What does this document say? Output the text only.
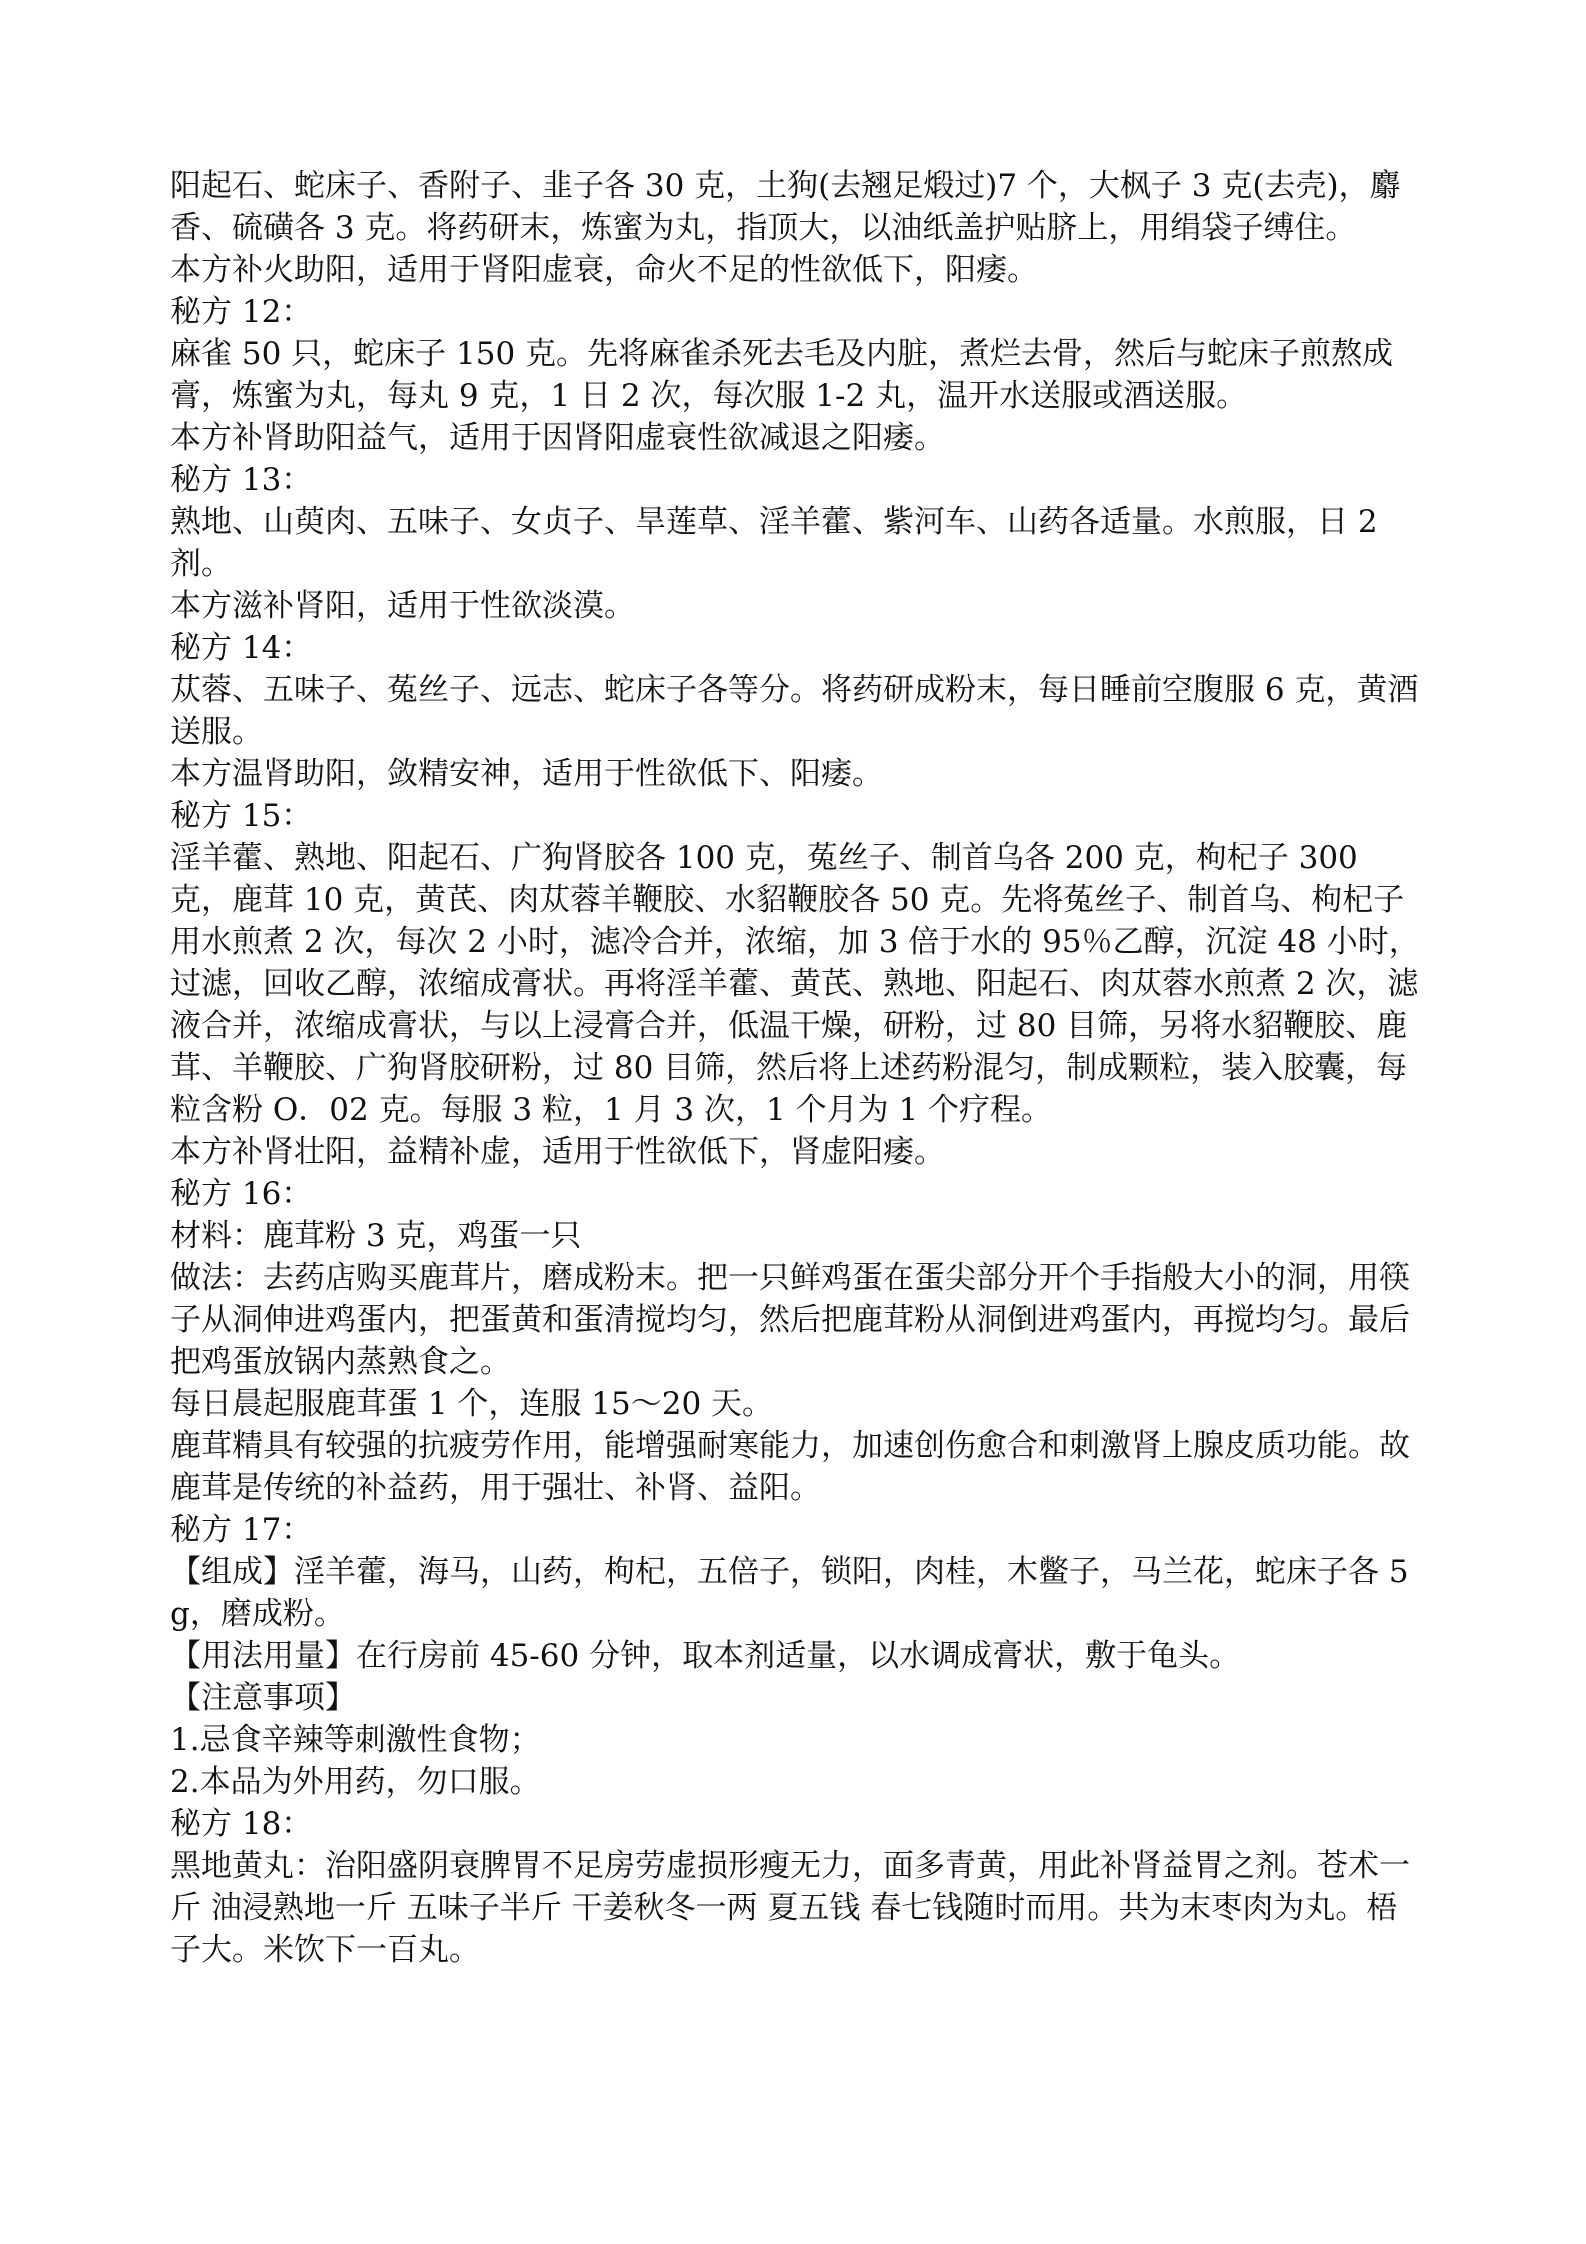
阳起石、蛇床子、香附子、韭子各 30 克，土狗(去翘足煅过)7 个，大枫子 3 克(去壳)，麝香、硫磺各 3 克。将药研末，炼蜜为丸，指顶大，以油纸盖护贴脐上，用绢袋子缚住。

本方补火助阳，适用于肾阳虚衰，命火不足的性欲低下，阳痿。

秘方 12：

麻雀 50 只，蛇床子 150 克。先将麻雀杀死去毛及内脏，煮烂去骨，然后与蛇床子煎熬成膏，炼蜜为丸，每丸 9 克，1 日 2 次，每次服 1-2 丸，温开水送服或酒送服。

本方补肾助阳益气，适用于因肾阳虚衰性欲减退之阳痿。

秘方 13：

熟地、山萸肉、五味子、女贞子、旱莲草、淫羊藿、紫河车、山药各适量。水煎服，日 2 剂。

本方滋补肾阳，适用于性欲淡漠。

秘方 14：

苁蓉、五味子、菟丝子、远志、蛇床子各等分。将药研成粉末，每日睡前空腹服 6 克，黄酒送服。

本方温肾助阳，敛精安神，适用于性欲低下、阳痿。

秘方 15：

淫羊藿、熟地、阳起石、广狗肾胶各 100 克，菟丝子、制首乌各 200 克，枸杞子 300 克，鹿茸 10 克，黄芪、肉苁蓉羊鞭胶、水貂鞭胶各 50 克。先将菟丝子、制首乌、枸杞子用水煎煮 2 次，每次 2 小时，滤冷合并，浓缩，加 3 倍于水的 95％乙醇，沉淀 48 小时，过滤，回收乙醇，浓缩成膏状。再将淫羊藿、黄芪、熟地、阳起石、肉苁蓉水煎煮 2 次，滤液合并，浓缩成膏状，与以上浸膏合并，低温干燥，研粉，过 80 目筛，另将水貂鞭胶、鹿茸、羊鞭胶、广狗肾胶研粉，过 80 目筛，然后将上述药粉混匀，制成颗粒，装入胶囊，每粒含粉 O．02 克。每服 3 粒，1 月 3 次，1 个月为 1 个疗程。

本方补肾壮阳，益精补虚，适用于性欲低下，肾虚阳痿。

秘方 16：

材料：鹿茸粉 3 克，鸡蛋一只

做法：去药店购买鹿茸片，磨成粉末。把一只鲜鸡蛋在蛋尖部分开个手指般大小的洞，用筷子从洞伸进鸡蛋内，把蛋黄和蛋清搅均匀，然后把鹿茸粉从洞倒进鸡蛋内，再搅均匀。最后把鸡蛋放锅内蒸熟食之。

每日晨起服鹿茸蛋 1 个，连服 15～20 天。

鹿茸精具有较强的抗疲劳作用，能增强耐寒能力，加速创伤愈合和刺激肾上腺皮质功能。故鹿茸是传统的补益药，用于强壮、补肾、益阳。

秘方 17：

【组成】淫羊藿，海马，山药，枸杞，五倍子，锁阳，肉桂，木鳖子，马兰花，蛇床子各 5g，磨成粉。

【用法用量】在行房前 45-60 分钟，取本剂适量，以水调成膏状，敷于龟头。

【注意事项】

1.忌食辛辣等刺激性食物；

2.本品为外用药，勿口服。

秘方 18：

黑地黄丸：治阳盛阴衰脾胃不足房劳虚损形瘦无力，面多青黄，用此补肾益胃之剂。苍术一斤 油浸熟地一斤 五味子半斤 干姜秋冬一两 夏五钱 春七钱随时而用。共为末枣肉为丸。梧子大。米饮下一百丸。
